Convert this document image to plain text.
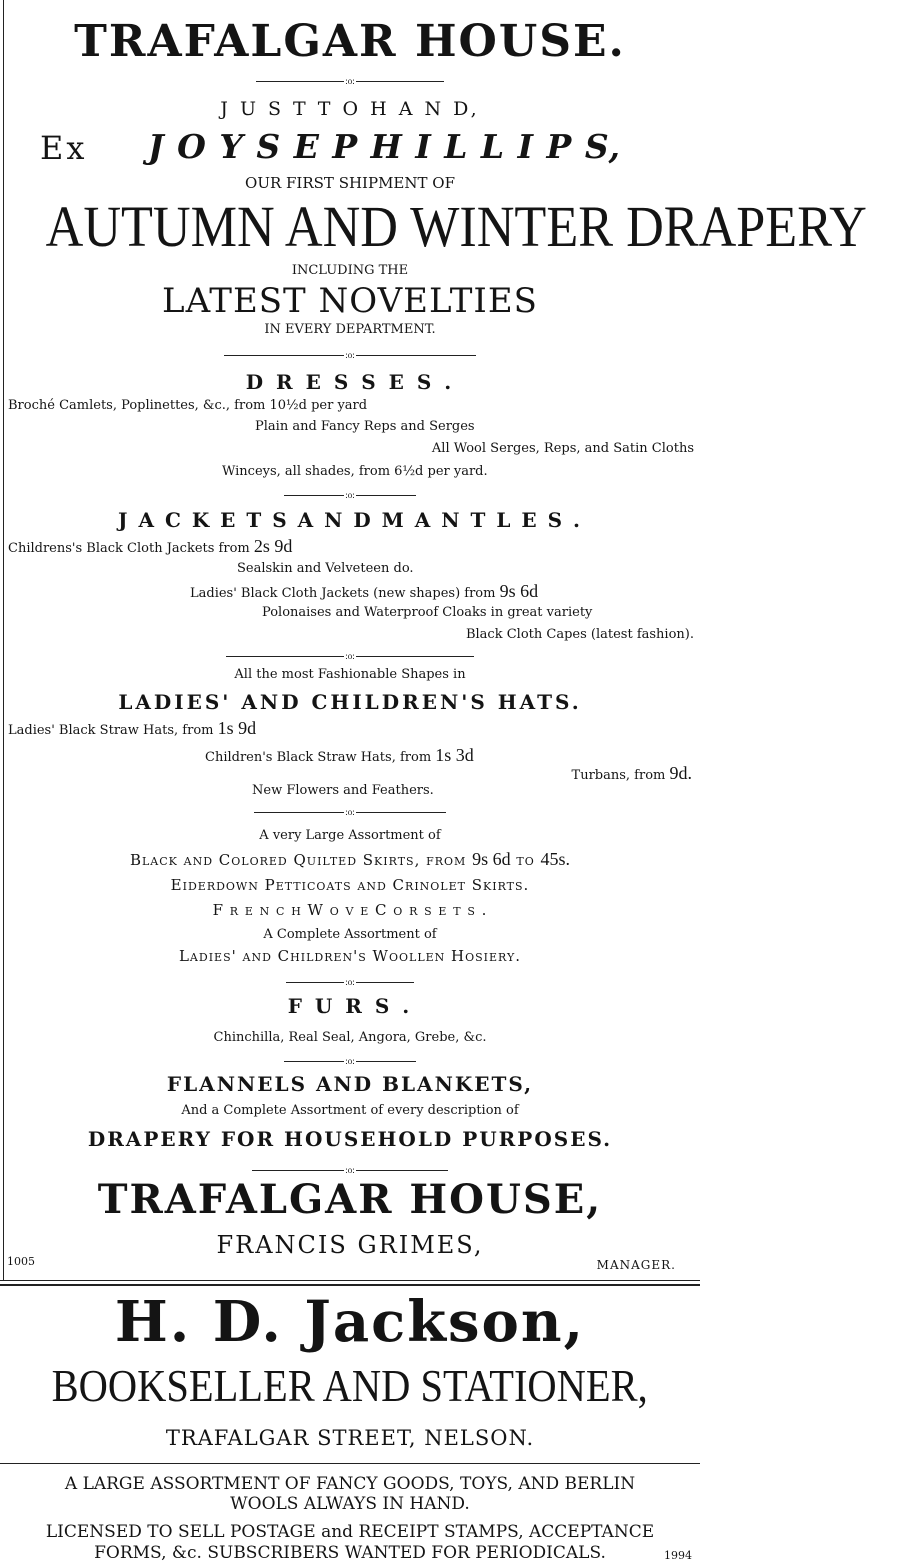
TRAFALGAR HOUSE.
:o:
J U S T T O H A N D,
Ex J O Y S E P H I L L I P S,
OUR FIRST SHIPMENT OF
AUTUMN AND WINTER DRAPERY
INCLUDING THE
LATEST NOVELTIES
IN EVERY DEPARTMENT.
:o:
D R E S S E S .
Broché Camlets, Poplinettes, &c., from 10½d per yard
Plain and Fancy Reps and Serges
All Wool Serges, Reps, and Satin Cloths
Winceys, all shades, from 6½d per yard.
:o:
J A C K E T S A N D M A N T L E S .
Childrens's Black Cloth Jackets from 2s 9d
Sealskin and Velveteen do.
Ladies' Black Cloth Jackets (new shapes) from 9s 6d
Polonaises and Waterproof Cloaks in great variety
Black Cloth Capes (latest fashion).
:o:
All the most Fashionable Shapes in
LADIES' AND CHILDREN'S HATS.
Ladies' Black Straw Hats, from 1s 9d
Children's Black Straw Hats, from 1s 3d
Turbans, from 9d.
New Flowers and Feathers.
:o:
A very Large Assortment of
Black and Colored Quilted Skirts, from 9s 6d to 45s.
Eiderdown Petticoats and Crinolet Skirts.
F r e n c h W o v e C o r s e t s .
A Complete Assortment of
Ladies' and Children's Woollen Hosiery.
:o:
F U R S .
Chinchilla, Real Seal, Angora, Grebe, &c.
:o:
FLANNELS AND BLANKETS,
And a Complete Assortment of every description of
DRAPERY FOR HOUSEHOLD PURPOSES.
:o:
TRAFALGAR HOUSE,
FRANCIS GRIMES,
1005	MANAGER.
H. D. Jackson,
BOOKSELLER AND STATIONER,
TRAFALGAR STREET, NELSON.
A LARGE ASSORTMENT OF FANCY GOODS, TOYS, AND BERLIN
WOOLS ALWAYS IN HAND.
LICENSED TO SELL POSTAGE and RECEIPT STAMPS, ACCEPTANCE
FORMS, &c. SUBSCRIBERS WANTED FOR PERIODICALS.	1994
